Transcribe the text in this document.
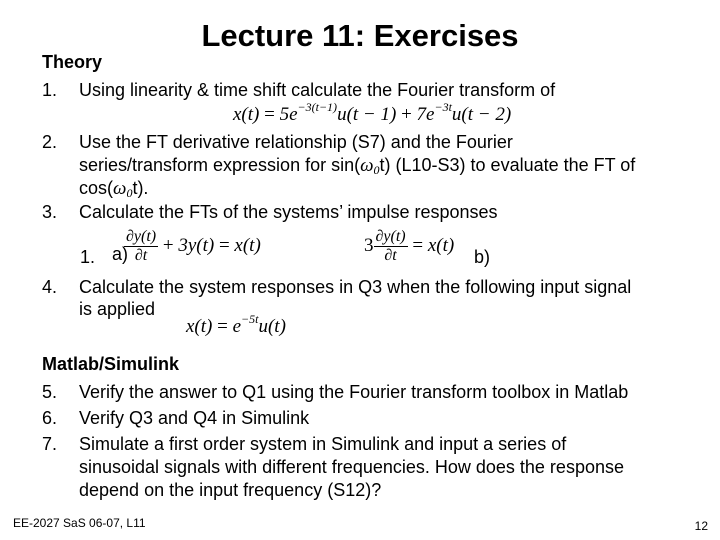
Lecture 11: Exercises
Theory
1. Using linearity & time shift calculate the Fourier transform of
$x(t) = 5e^{-3(t-1)}u(t - 1) + 7e^{-3t}u(t - 2)$
2. Use the FT derivative relationship (S7) and the Fourier
series/transform expression for $\sin(\omega_0t)$ (L10-S3) to evaluate the FT of
$\cos(\omega_0t)$.
3. Calculate the FTs of the systems’ impulse responses
1. a)	b)
$\frac{\partial y(t)}{\partial t} + 3y(t) = x(t)$	$3 \frac{\partial y(t)}{\partial t} = x(t)$
4. Calculate the system responses in Q3 when the following input signal
is applied
$x(t) = e^{-5t}u(t)$
Matlab/Simulink
5. Verify the answer to Q1 using the Fourier transform toolbox in Matlab
6. Verify Q3 and Q4 in Simulink
7. Simulate a first order system in Simulink and input a series of
sinusoidal signals with different frequencies. How does the response
depend on the input frequency (S12)?
EE-2027 SaS 06-07, L11	12
